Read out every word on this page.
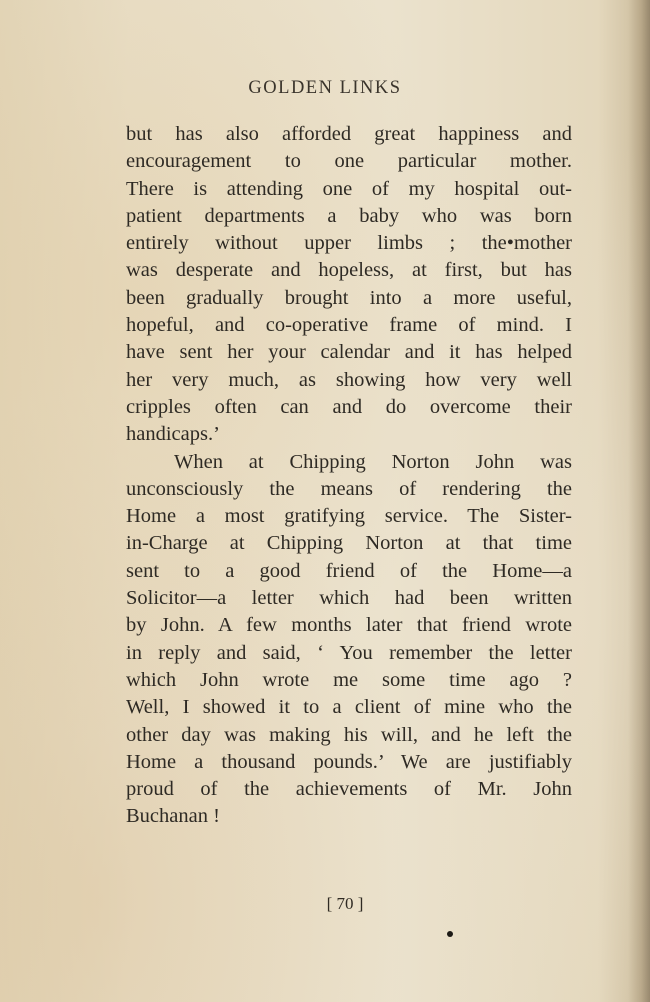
GOLDEN LINKS
but has also afforded great happiness and
encouragement to one particular mother.
There is attending one of my hospital out-
patient departments a baby who was born
entirely without upper limbs ; the•mother
was desperate and hopeless, at first, but has
been gradually brought into a more useful,
hopeful, and co-operative frame of mind. I
have sent her your calendar and it has helped
her very much, as showing how very well
cripples often can and do overcome their
handicaps.’
When at Chipping Norton John was
unconsciously the means of rendering the
Home a most gratifying service. The Sister-
in-Charge at Chipping Norton at that time
sent to a good friend of the Home—a
Solicitor—a letter which had been written
by John. A few months later that friend wrote
in reply and said, ‘ You remember the letter
which John wrote me some time ago ?
Well, I showed it to a client of mine who the
other day was making his will, and he left the
Home a thousand pounds.’ We are justifiably
proud of the achievements of Mr. John
Buchanan !
[ 70 ]
